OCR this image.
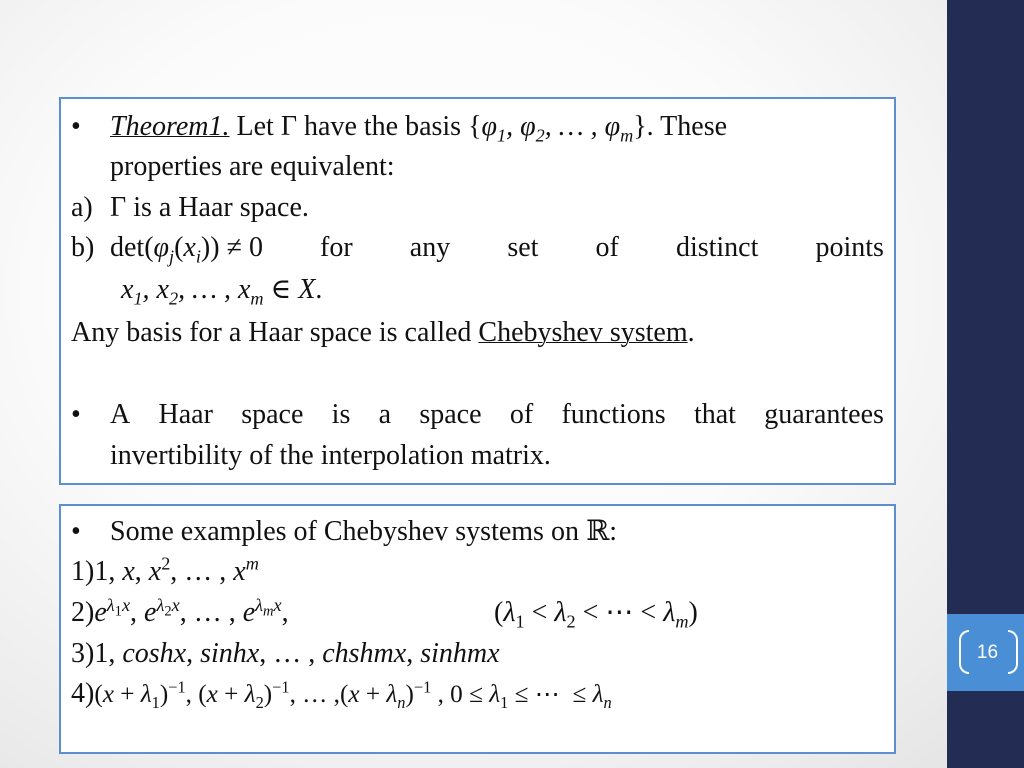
16
• Theorem1. Let Γ have the basis {$\varphi_1$, $\varphi_2$, … , $\varphi_m$}. These
properties are equivalent:
a) Γ is a Haar space.
b) $\det(\varphi_j(x_i)) \ne 0$ for any set of distinct points
$x_1$, $x_2$, … , $x_m$ ∈ X.
Any basis for a Haar space is called Chebyshev system.
• A Haar space is a space of functions that guarantees
invertibility of the interpolation matrix.
• Some examples of Chebyshev systems on ℝ:
1)1, x, $x^2$, … , $x^m$
$2)e^{\lambda_1x}$, $e^{\lambda_2x}$, … , $e^{\lambda_mx}$,	($\lambda_1 < \lambda_2$ < ⋯ < $\lambda_m$)
3)1, coshx, sinhx, … , chshmx, sinhmx
$4)(x + \lambda_1)^{-1}$, $(x + \lambda_2)^{-1}$, … $,(x + \lambda_n)^{-1}$ , $0 \le \lambda_1$ ≤ ⋯  ≤ $\lambda_n$
